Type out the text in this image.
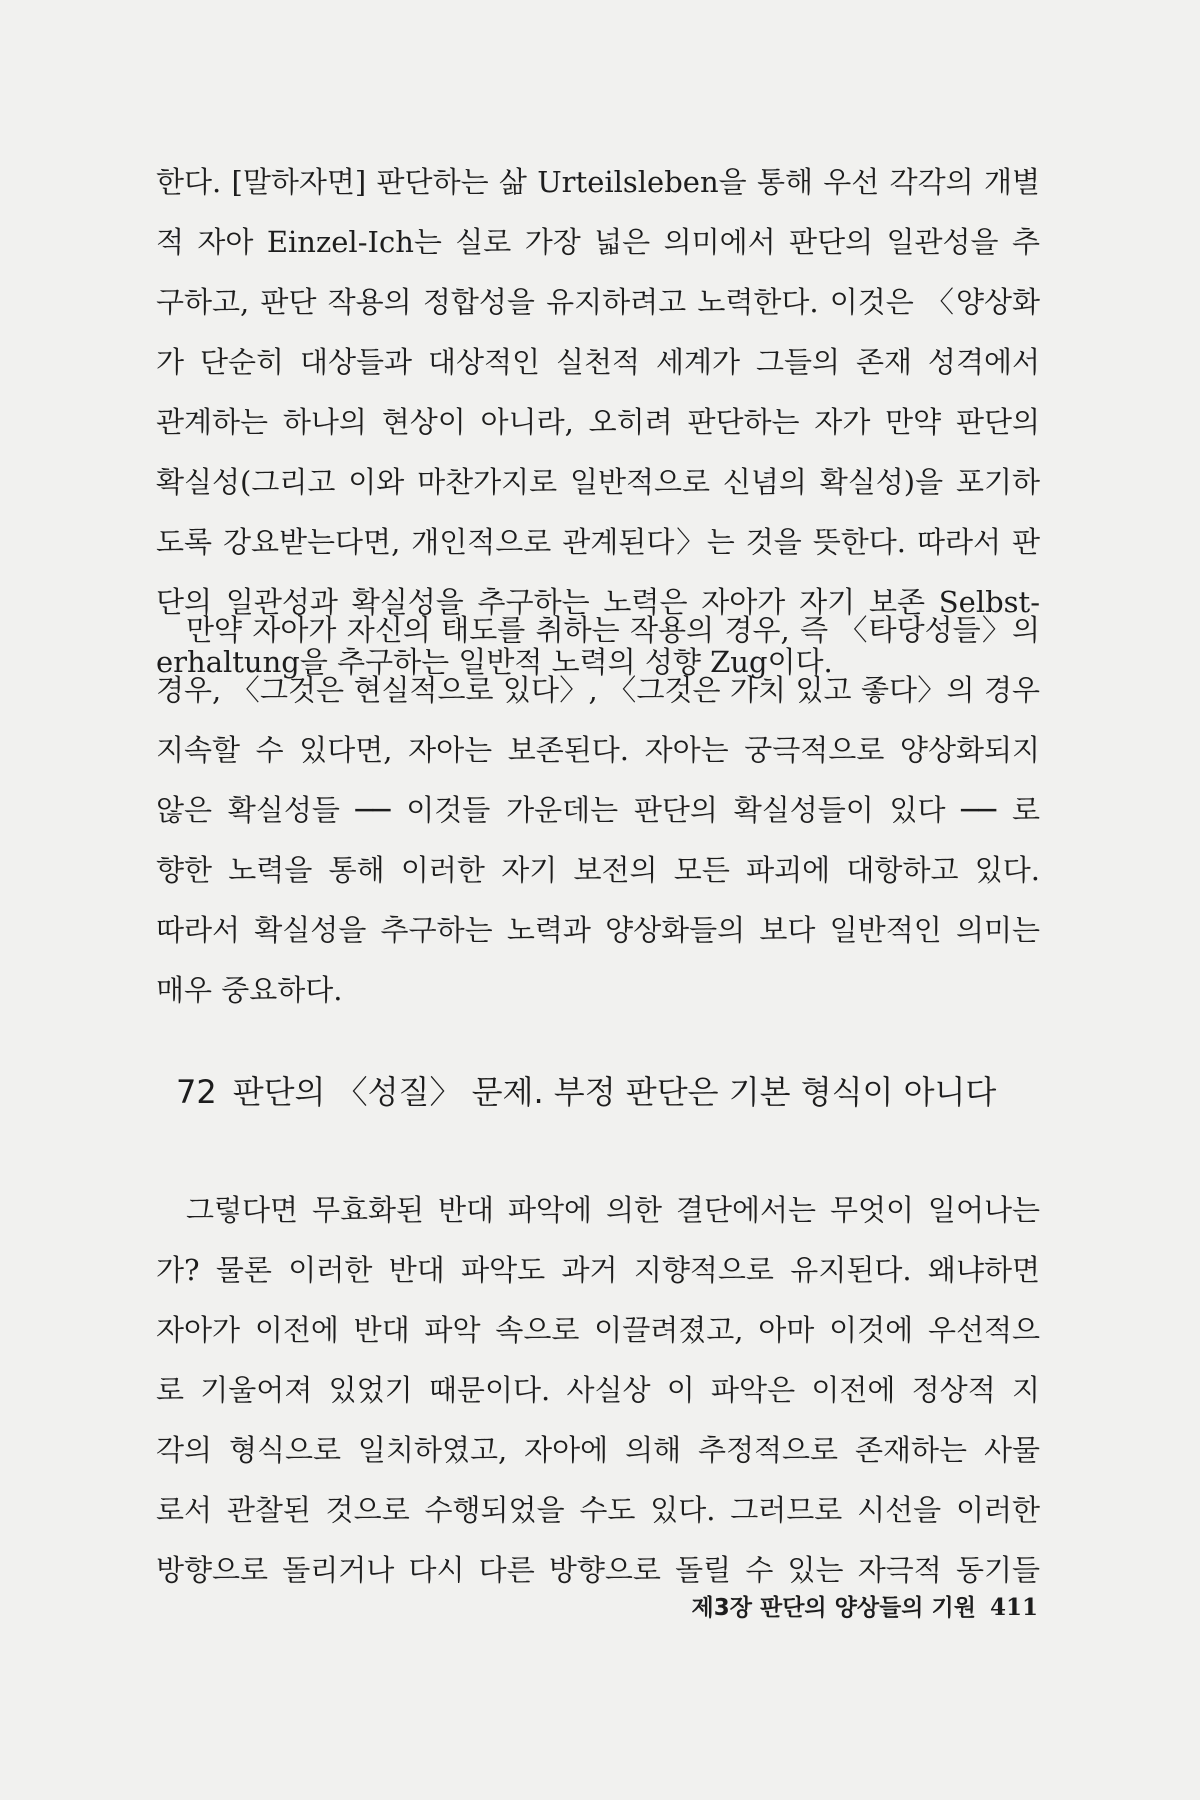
한다. [말하자면] 판단하는 삶 Urteilsleben을 통해 우선 각각의 개별
적 자아 Einzel-Ich는 실로 가장 넓은 의미에서 판단의 일관성을 추
구하고, 판단 작용의 정합성을 유지하려고 노력한다. 이것은 〈양상화
가 단순히 대상들과 대상적인 실천적 세계가 그들의 존재 성격에서
관계하는 하나의 현상이 아니라, 오히려 판단하는 자가 만약 판단의
확실성(그리고 이와 마찬가지로 일반적으로 신념의 확실성)을 포기하
도록 강요받는다면, 개인적으로 관계된다〉는 것을 뜻한다. 따라서 판
단의 일관성과 확실성을 추구하는 노력은 자아가 자기 보존 Selbst-
erhaltung을 추구하는 일반적 노력의 성향 Zug이다.
만약 자아가 자신의 태도를 취하는 작용의 경우, 즉 〈타당성들〉의
경우, 〈그것은 현실적으로 있다〉, 〈그것은 가치 있고 좋다〉의 경우
지속할 수 있다면, 자아는 보존된다. 자아는 궁극적으로 양상화되지
않은 확실성들 ── 이것들 가운데는 판단의 확실성들이 있다 ── 로
향한 노력을 통해 이러한 자기 보전의 모든 파괴에 대항하고 있다.
따라서 확실성을 추구하는 노력과 양상화들의 보다 일반적인 의미는
매우 중요하다.
72 판단의 〈성질〉 문제. 부정 판단은 기본 형식이 아니다
그렇다면 무효화된 반대 파악에 의한 결단에서는 무엇이 일어나는
가? 물론 이러한 반대 파악도 과거 지향적으로 유지된다. 왜냐하면
자아가 이전에 반대 파악 속으로 이끌려졌고, 아마 이것에 우선적으
로 기울어져 있었기 때문이다. 사실상 이 파악은 이전에 정상적 지
각의 형식으로 일치하였고, 자아에 의해 추정적으로 존재하는 사물
로서 관찰된 것으로 수행되었을 수도 있다. 그러므로 시선을 이러한
방향으로 돌리거나 다시 다른 방향으로 돌릴 수 있는 자극적 동기들
제3장 판단의 양상들의 기원 411
